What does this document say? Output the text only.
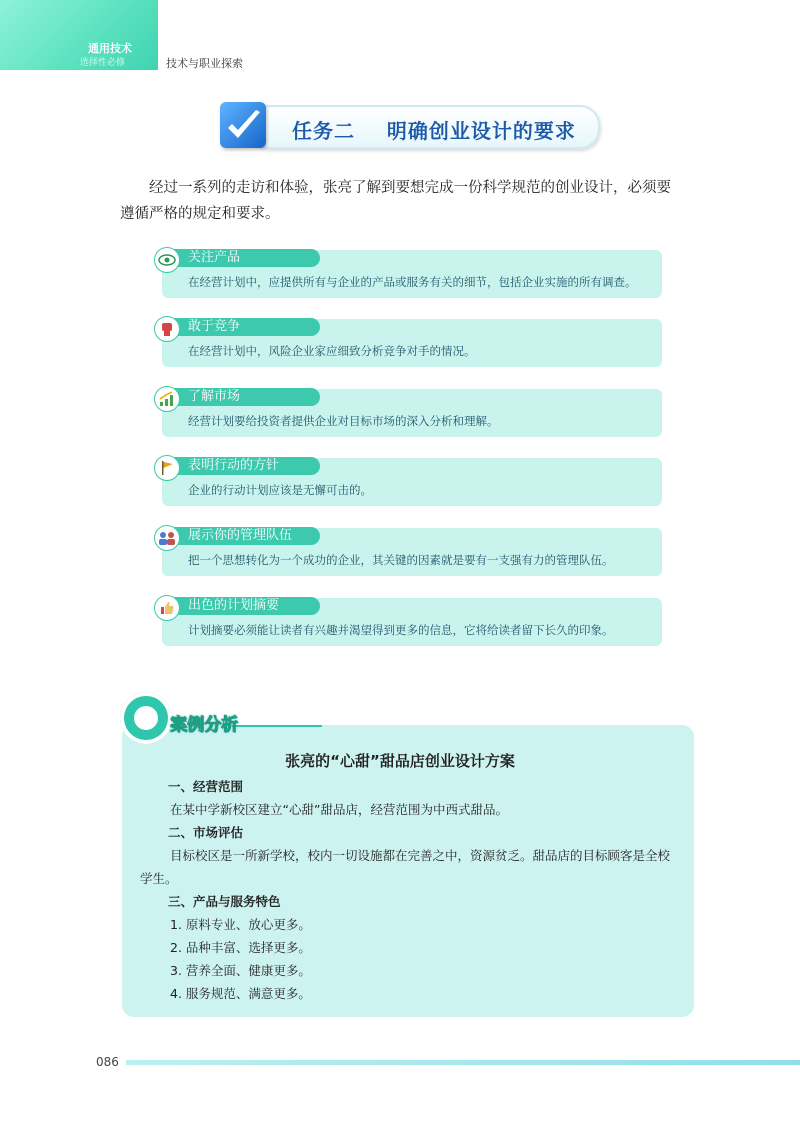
通用技术
选择性必修	技术与职业探索
任务二    明确创业设计的要求
经过一系列的走访和体验，张亮了解到要想完成一份科学规范的创业设计，必须要遵循严格的规定和要求。
关注产品
在经营计划中，应提供所有与企业的产品或服务有关的细节，包括企业实施的所有调查。
敢于竞争
在经营计划中，风险企业家应细致分析竞争对手的情况。
了解市场
经营计划要给投资者提供企业对目标市场的深入分析和理解。
表明行动的方针
企业的行动计划应该是无懈可击的。
展示你的管理队伍
把一个思想转化为一个成功的企业，其关键的因素就是要有一支强有力的管理队伍。
出色的计划摘要
计划摘要必须能让读者有兴趣并渴望得到更多的信息，它将给读者留下长久的印象。
案例分析
张亮的“心甜”甜品店创业设计方案
一、经营范围
在某中学新校区建立“心甜”甜品店，经营范围为中西式甜品。
二、市场评估
目标校区是一所新学校，校内一切设施都在完善之中，资源贫乏。甜品店的目标顾客是全校学生。
三、产品与服务特色
1. 原料专业、放心更多。
2. 品种丰富、选择更多。
3. 营养全面、健康更多。
4. 服务规范、满意更多。
086
